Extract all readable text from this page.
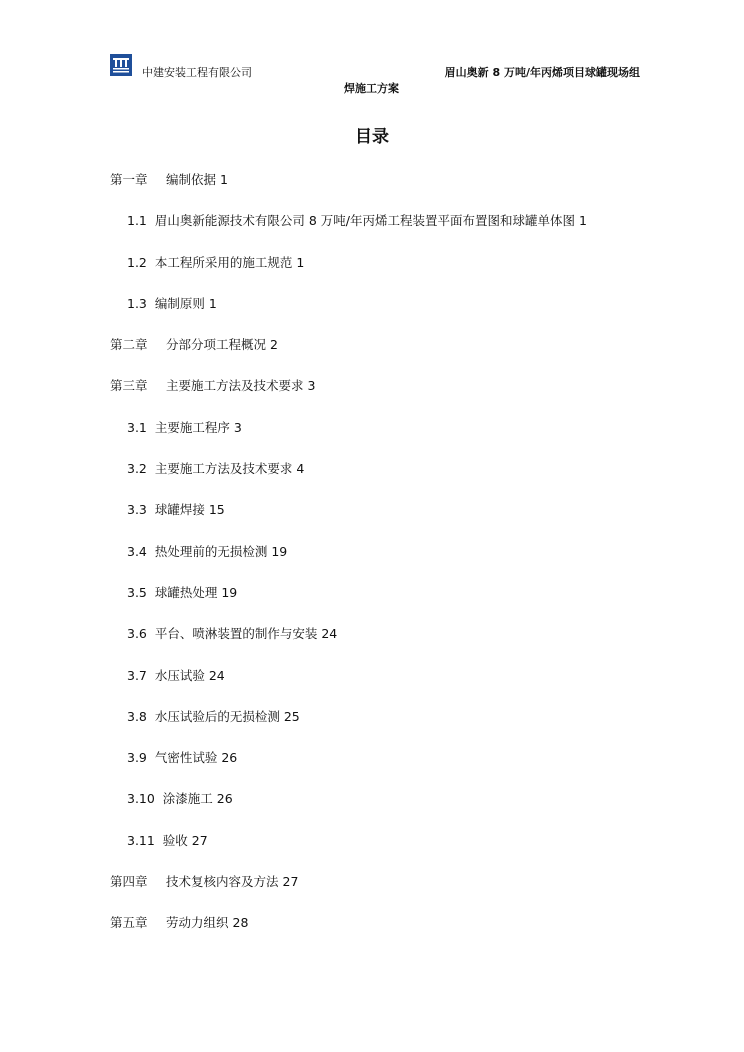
中建安装工程有限公司	眉山奥新 8 万吨/年丙烯项目球罐现场组
焊施工方案
目录
第一章 编制依据 1
1.1 眉山奥新能源技术有限公司 8 万吨/年丙烯工程装置平面布置图和球罐单体图 1
1.2 本工程所采用的施工规范 1
1.3 编制原则 1
第二章 分部分项工程概况 2
第三章 主要施工方法及技术要求 3
3.1 主要施工程序 3
3.2 主要施工方法及技术要求 4
3.3 球罐焊接 15
3.4 热处理前的无损检测 19
3.5 球罐热处理 19
3.6 平台、喷淋装置的制作与安装 24
3.7 水压试验 24
3.8 水压试验后的无损检测 25
3.9 气密性试验 26
3.10 涂漆施工 26
3.11 验收 27
第四章 技术复核内容及方法 27
第五章 劳动力组织 28
